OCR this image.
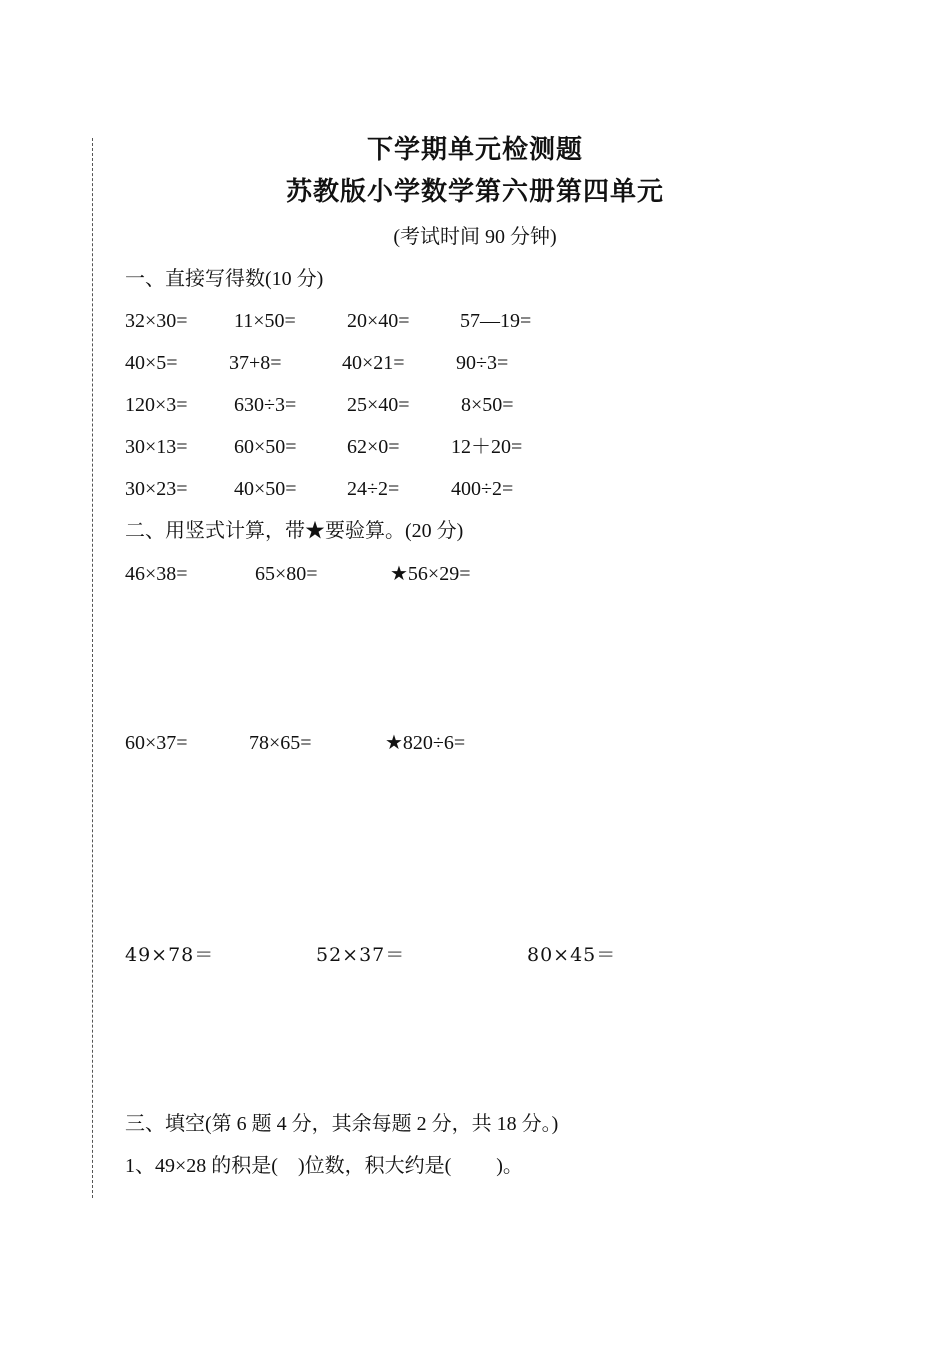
下学期单元检测题
苏教版小学数学第六册第四单元
(考试时间 90 分钟)
一、直接写得数(10 分)
32×30= 11×50=	20×40=	57—19=
40×5=	37+8=	40×21=	90÷3=
120×3= 630÷3=	25×40=	8×50=
30×13= 60×50=	62×0=	12＋20=
30×23= 40×50=	24÷2=	400÷2=
二、用竖式计算，带★要验算。(20 分)
46×38=	65×80=	★56×29=
60×37=	78×65=	★820÷6=
49×78＝	52×37＝	80×45＝
三、填空(第 6 题 4 分，其余每题 2 分，共 18 分。)
1、49×28 的积是(　)位数，积大约是(　　 )。
